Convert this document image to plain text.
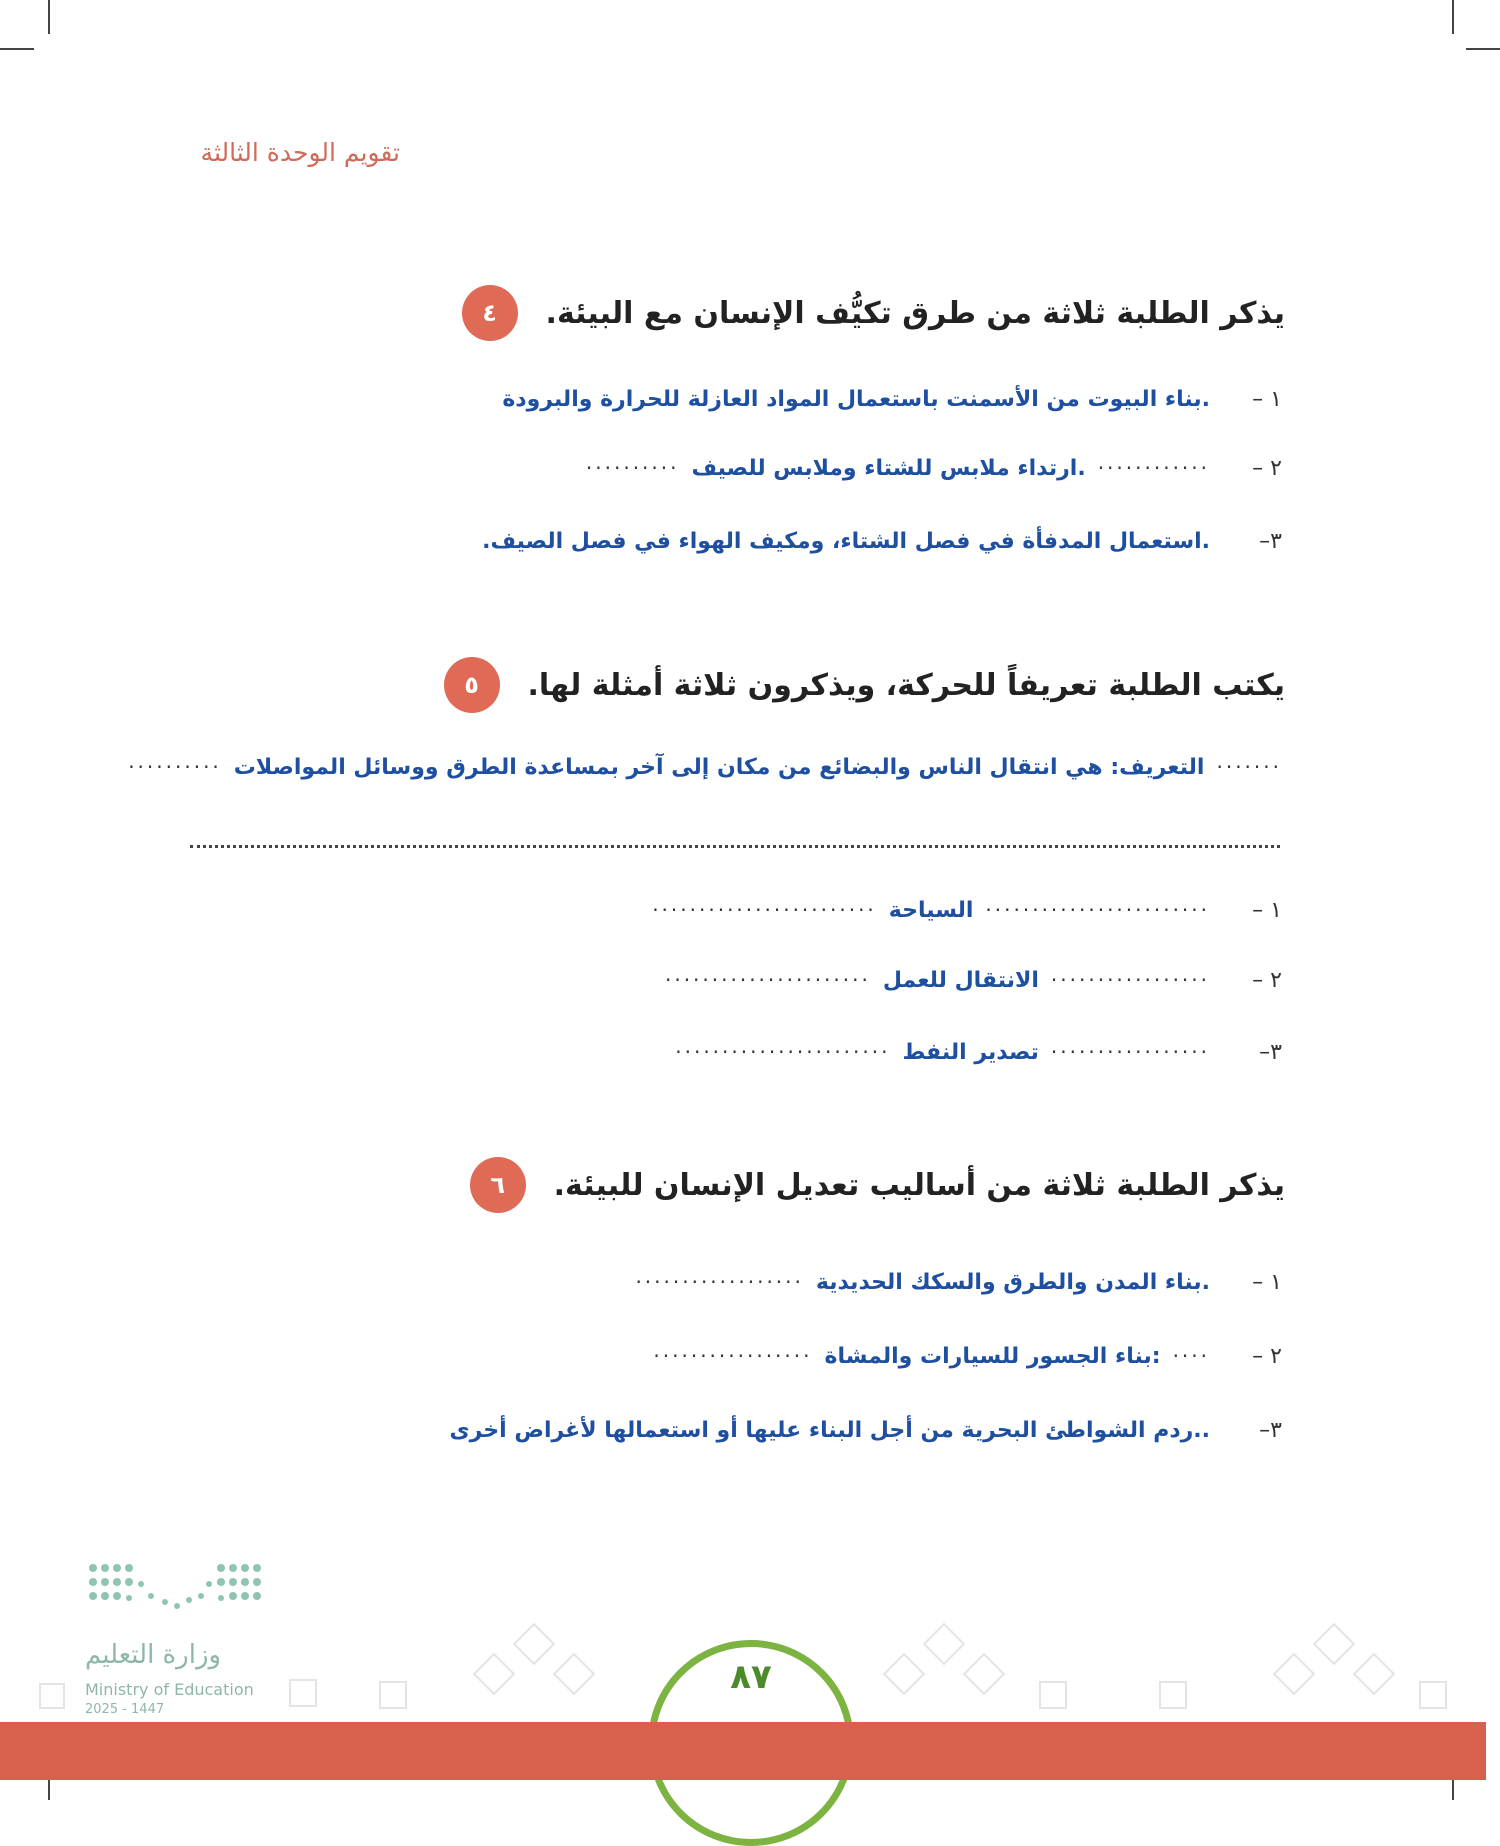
تقويم الوحدة الثالثة
٤	يذكر الطلبة ثلاثة من طرق تكيُّف الإنسان مع البيئة.
١ –
.بناء البيوت من الأسمنت باستعمال المواد العازلة للحرارة والبرودة
٢ –
············
.ارتداء ملابس للشتاء وملابس للصيف
··········
٣–
.استعمال المدفأة في فصل الشتاء، ومكيف الهواء في فصل الصيف.
٥	يكتب الطلبة تعريفاً للحركة، ويذكرون ثلاثة أمثلة لها.
·······
التعريف: هي انتقال الناس والبضائع من مكان إلى آخر بمساعدة الطرق ووسائل المواصلات
··········
١ –
························
السياحة
························
٢ –
·················
الانتقال للعمل
······················
٣–
·················
تصدير النفط
·······················
٦	يذكر الطلبة ثلاثة من أساليب تعديل الإنسان للبيئة.
١ –
.بناء المدن والطرق والسكك الحديدية
··················
٢ –
····
:بناء الجسور للسيارات والمشاة
·················
٣–
..ردم الشواطئ البحرية من أجل البناء عليها أو استعمالها لأغراض أخرى
وزارة التعليم
Ministry of Education
2025 - 1447
٨٧
